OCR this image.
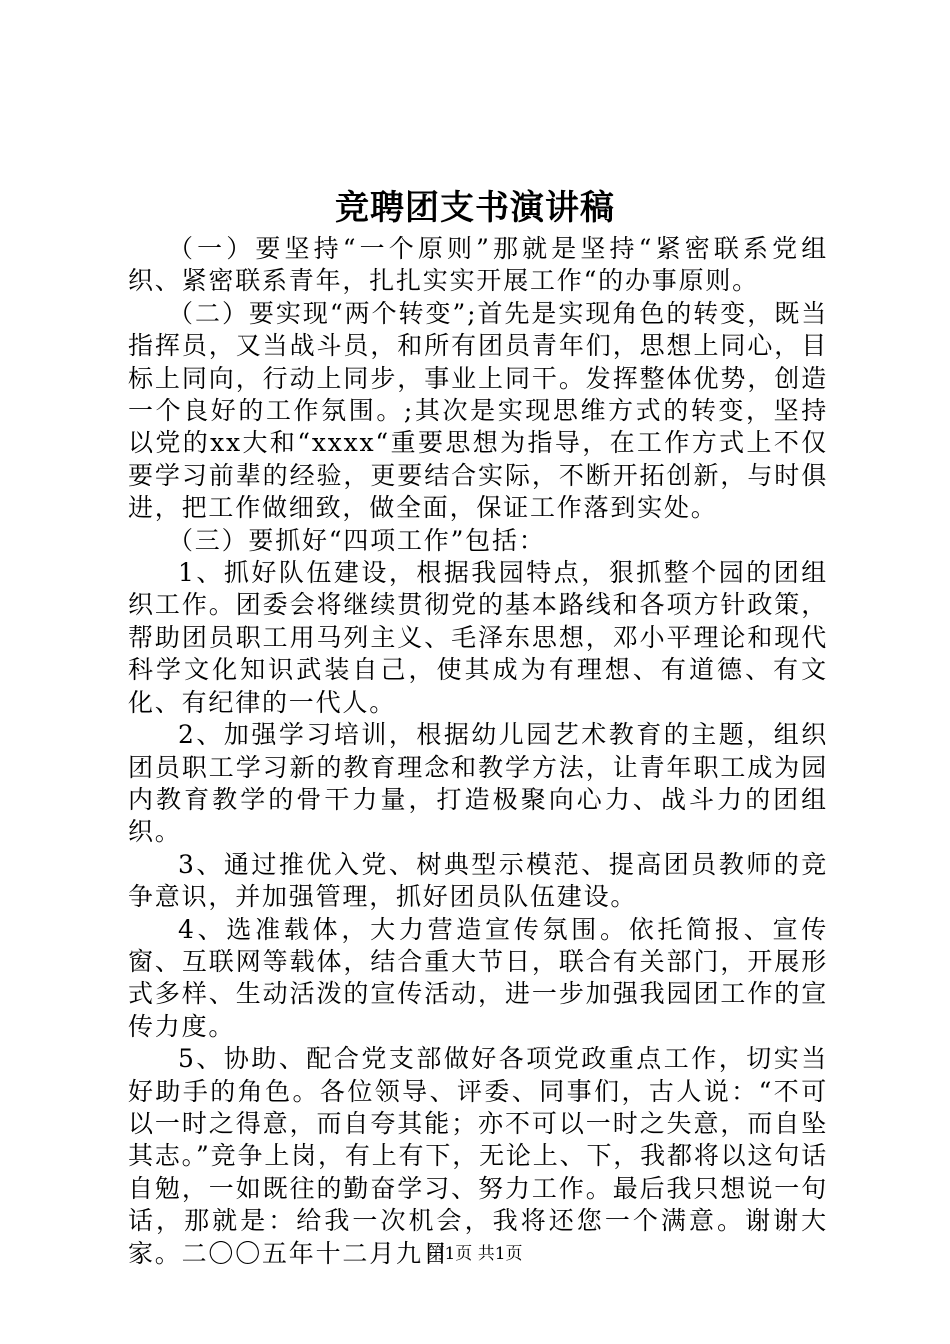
竞聘团支书演讲稿

（一）要坚持“一个原则”那就是坚持“紧密联系党组织、紧密联系青年，扎扎实实开展工作“的办事原则。

（二）要实现“两个转变”;首先是实现角色的转变，既当指挥员，又当战斗员，和所有团员青年们，思想上同心，目标上同向，行动上同步，事业上同干。发挥整体优势，创造一个良好的工作氛围。;其次是实现思维方式的转变，坚持以党的xx大和“xxxx“重要思想为指导，在工作方式上不仅要学习前辈的经验，更要结合实际，不断开拓创新，与时俱进，把工作做细致，做全面，保证工作落到实处。

（三）要抓好“四项工作”包括：

1、抓好队伍建设，根据我园特点，狠抓整个园的团组织工作。团委会将继续贯彻党的基本路线和各项方针政策，帮助团员职工用马列主义、毛泽东思想，邓小平理论和现代科学文化知识武装自己，使其成为有理想、有道德、有文化、有纪律的一代人。

2、加强学习培训，根据幼儿园艺术教育的主题，组织团员职工学习新的教育理念和教学方法，让青年职工成为园内教育教学的骨干力量，打造极聚向心力、战斗力的团组织。

3、通过推优入党、树典型示模范、提高团员教师的竞争意识，并加强管理，抓好团员队伍建设。

4、选准载体，大力营造宣传氛围。依托简报、宣传窗、互联网等载体，结合重大节日，联合有关部门，开展形式多样、生动活泼的宣传活动，进一步加强我园团工作的宣传力度。

5、协助、配合党支部做好各项党政重点工作，切实当好助手的角色。各位领导、评委、同事们，古人说：“不可以一时之得意，而自夸其能；亦不可以一时之失意，而自坠其志。”竞争上岗，有上有下，无论上、下，我都将以这句话自勉，一如既往的勤奋学习、努力工作。最后我只想说一句话，那就是：给我一次机会，我将还您一个满意。谢谢大家。二〇〇五年十二月九日

第1页 共1页
